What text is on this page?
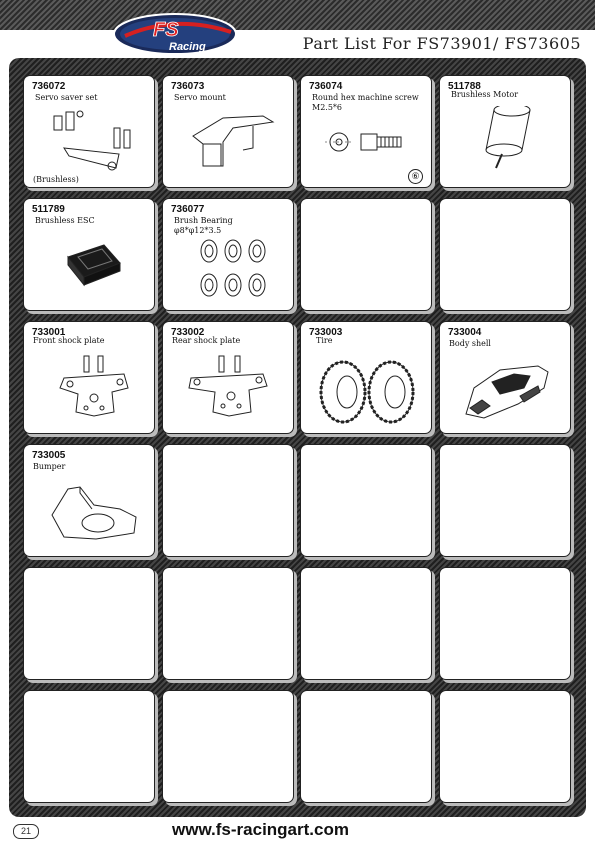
FS
Racing	Part List For FS73901/ FS73605
736072
Servo saver set
(Brushless)
736073
Servo mount
736074
Round hex machine screw
M2.5*6
⑥
511788
Brushless Motor
511789
Brushless ESC
736077
Brush Bearing
φ8*φ12*3.5
733001
Front shock plate
733002
Rear shock plate
733003
Tire
733004
Body shell
733005
Bumper
21	www.fs-racingart.com
